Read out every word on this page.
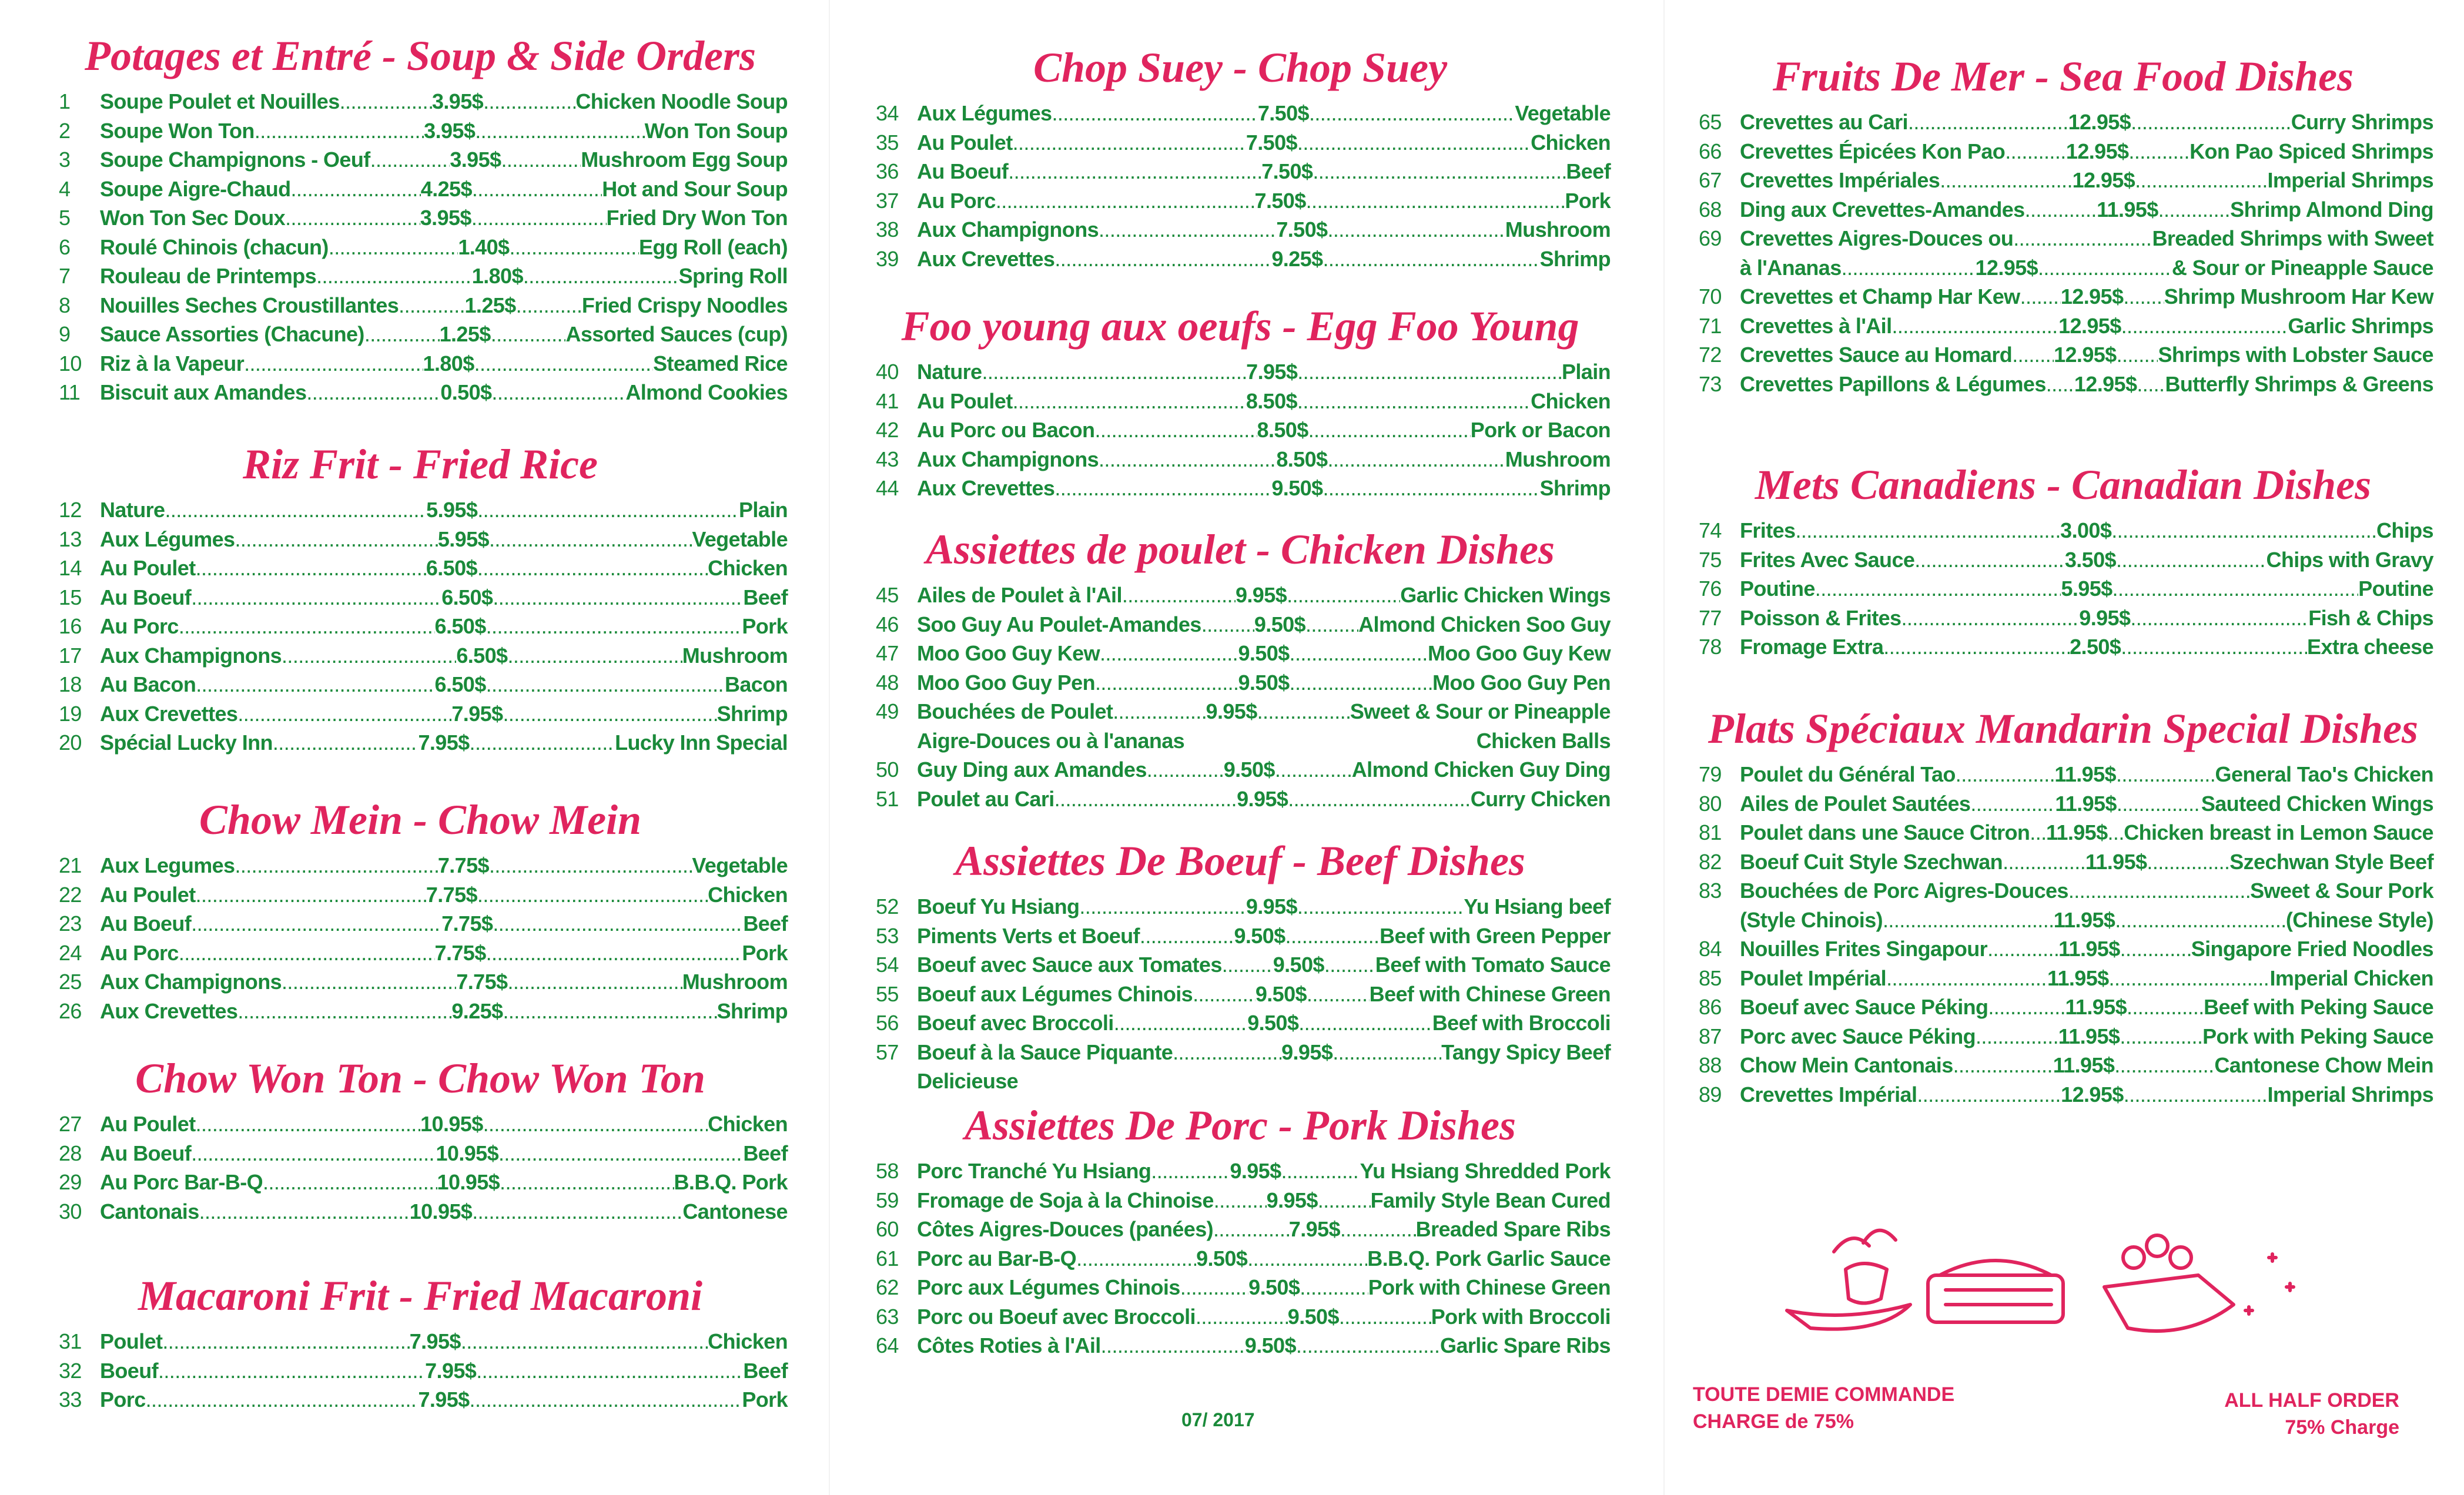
Potages et Entré - Soup & Side Orders
1	Soupe Poulet et Nouilles .....	3.95$ .....	Chicken Noodle Soup
2	Soupe Won Ton .....	3.95$ .....	Won Ton Soup
3	Soupe Champignons - Oeuf .....	3.95$ .....	Mushroom Egg Soup
4	Soupe Aigre-Chaud .....	4.25$ .....	Hot and Sour Soup
5	Won Ton Sec Doux .....	3.95$ .....	Fried Dry Won Ton
6	Roulé Chinois (chacun) .....	1.40$ .....	Egg Roll (each)
7	Rouleau de Printemps .....	1.80$ .....	Spring Roll
8	Nouilles Seches Croustillantes .....	1.25$ .....	Fried Crispy Noodles
9	Sauce Assorties (Chacune) .....	1.25$ .....	Assorted Sauces (cup)
10 Riz à la Vapeur .....	1.80$ .....	Steamed Rice
11 Biscuit aux Amandes .....	0.50$ .....	Almond Cookies
Riz Frit - Fried Rice
12 Nature .....	5.95$ .....	Plain
13 Aux Légumes .....	5.95$ .....	Vegetable
14 Au Poulet .....	6.50$ .....	Chicken
15 Au Boeuf .....	6.50$ .....	Beef
16 Au Porc .....	6.50$ .....	Pork
17 Aux Champignons .....	6.50$ .....	Mushroom
18 Au Bacon .....	6.50$ .....	Bacon
19 Aux Crevettes .....	7.95$ .....	Shrimp
20 Spécial Lucky Inn .....	7.95$ .....	Lucky Inn Special
Chow Mein - Chow Mein
21 Aux Legumes .....	7.75$ .....	Vegetable
22 Au Poulet .....	7.75$ .....	Chicken
23 Au Boeuf .....	7.75$ .....	Beef
24 Au Porc .....	7.75$ .....	Pork
25 Aux Champignons .....	7.75$ .....	Mushroom
26 Aux Crevettes .....	9.25$ .....	Shrimp
Chow Won Ton - Chow Won Ton
27 Au Poulet .....	10.95$ .....	Chicken
28 Au Boeuf .....	10.95$ .....	Beef
29 Au Porc Bar-B-Q .....	10.95$ .....	B.B.Q. Pork
30 Cantonais .....	10.95$ .....	Cantonese
Macaroni Frit - Fried Macaroni
31 Poulet .....	7.95$ .....	Chicken
32 Boeuf .....	7.95$ .....	Beef
33 Porc .....	7.95$ .....	Pork
Chop Suey - Chop Suey
34 Aux Légumes .....	7.50$ .....	Vegetable
35 Au Poulet .....	7.50$ .....	Chicken
36 Au Boeuf .....	7.50$ .....	Beef
37 Au Porc .....	7.50$ .....	Pork
38 Aux Champignons .....	7.50$ .....	Mushroom
39 Aux Crevettes .....	9.25$ .....	Shrimp
Foo young aux oeufs - Egg Foo Young
40 Nature .....	7.95$ .....	Plain
41 Au Poulet .....	8.50$ .....	Chicken
42 Au Porc ou Bacon .....	8.50$ .....	Pork or Bacon
43 Aux Champignons .....	8.50$ .....	Mushroom
44 Aux Crevettes .....	9.50$ .....	Shrimp
Assiettes de poulet - Chicken Dishes
45 Ailes de Poulet à l'Ail .....	9.95$ .....	Garlic Chicken Wings
46 Soo Guy Au Poulet-Amandes .....	9.50$ .....	Almond Chicken Soo Guy
47 Moo Goo Guy Kew .....	9.50$ .....	Moo Goo Guy Kew
48 Moo Goo Guy Pen .....	9.50$ .....	Moo Goo Guy Pen
49 Bouchées de Poulet .....	9.95$ .....	Sweet & Sour or Pineapple
Aigre-Douces ou à l'ananas	Chicken Balls
50 Guy Ding aux Amandes .....	9.50$ .....	Almond Chicken Guy Ding
51 Poulet au Cari .....	9.95$ .....	Curry Chicken
Assiettes De Boeuf - Beef Dishes
52 Boeuf Yu Hsiang .....	9.95$ .....	Yu Hsiang beef
53 Piments Verts et Boeuf .....	9.50$ .....	Beef with Green Pepper
54 Boeuf avec Sauce aux Tomates ..... 9.50$ ..... Beef with Tomato Sauce
55 Boeuf aux Légumes Chinois .....	9.50$ .....	Beef with Chinese Green
56 Boeuf avec Broccoli .....	9.50$ .....	Beef with Broccoli
57 Boeuf à la Sauce Piquante .....	9.95$ .....	Tangy Spicy Beef
Delicieuse
Assiettes De Porc - Pork Dishes
58 Porc Tranché Yu Hsiang .....	9.95$ .....	Yu Hsiang Shredded Pork
59 Fromage de Soja à la Chinoise ..... 9.95$ ..... Family Style Bean Cured
60 Côtes Aigres-Douces (panées) .....	7.95$ .....	Breaded Spare Ribs
61 Porc au Bar-B-Q .....	9.50$ .....	B.B.Q. Pork Garlic Sauce
62 Porc aux Légumes Chinois .....	9.50$ .....	Pork with Chinese Green
63 Porc ou Boeuf avec Broccoli .....	9.50$ .....	Pork with Broccoli
64 Côtes Roties à l'Ail .....	9.50$ .....	Garlic Spare Ribs
Fruits De Mer - Sea Food Dishes
65 Crevettes au Cari .....	12.95$ .....	Curry Shrimps
66 Crevettes Épicées Kon Pao .....	12.95$ .....	Kon Pao Spiced Shrimps
67 Crevettes Impériales .....	12.95$ .....	Imperial Shrimps
68 Ding aux Crevettes-Amandes .....	11.95$ .....	Shrimp Almond Ding
69 Crevettes Aigres-Douces ou .....	Breaded Shrimps with Sweet
à l'Ananas .....	12.95$ .....	& Sour or Pineapple Sauce
70 Crevettes et Champ Har Kew ..... 12.95$ ..... Shrimp Mushroom Har Kew
71 Crevettes à l'Ail .....	12.95$ .....	Garlic Shrimps
72 Crevettes Sauce au Homard ..... 12.95$ ..... Shrimps with Lobster Sauce
73 Crevettes Papillons & Légumes ..... 12.95$ ..... Butterfly Shrimps & Greens
Mets Canadiens - Canadian Dishes
74 Frites .....	3.00$ .....	Chips
75 Frites Avec Sauce .....	3.50$ .....	Chips with Gravy
76 Poutine .....	5.95$ .....	Poutine
77 Poisson & Frites .....	9.95$ .....	Fish & Chips
78 Fromage Extra .....	2.50$ .....	Extra cheese
Plats Spéciaux Mandarin Special Dishes
79 Poulet du Général Tao .....	11.95$ .....	General Tao's Chicken
80 Ailes de Poulet Sautées .....	11.95$ .....	Sauteed Chicken Wings
81 Poulet dans une Sauce Citron ..... 11.95$ ..... Chicken breast in Lemon Sauce
82 Boeuf Cuit Style Szechwan .....	11.95$ .....	Szechwan Style Beef
83 Bouchées de Porc Aigres-Douces .....	Sweet & Sour Pork
(Style Chinois) .....	11.95$ .....	(Chinese Style)
84 Nouilles Frites Singapour .....	11.95$ .....	Singapore Fried Noodles
85 Poulet Impérial .....	11.95$ .....	Imperial Chicken
86 Boeuf avec Sauce Péking .....	11.95$ .....	Beef with Peking Sauce
87 Porc avec Sauce Péking .....	11.95$ .....	Pork with Peking Sauce
88 Chow Mein Cantonais .....	11.95$ .....	Cantonese Chow Mein
89 Crevettes Impérial .....	12.95$ .....	Imperial Shrimps
TOUTE DEMIE COMMANDE
CHARGE de 75%
ALL HALF ORDER
75% Charge
07/ 2017
